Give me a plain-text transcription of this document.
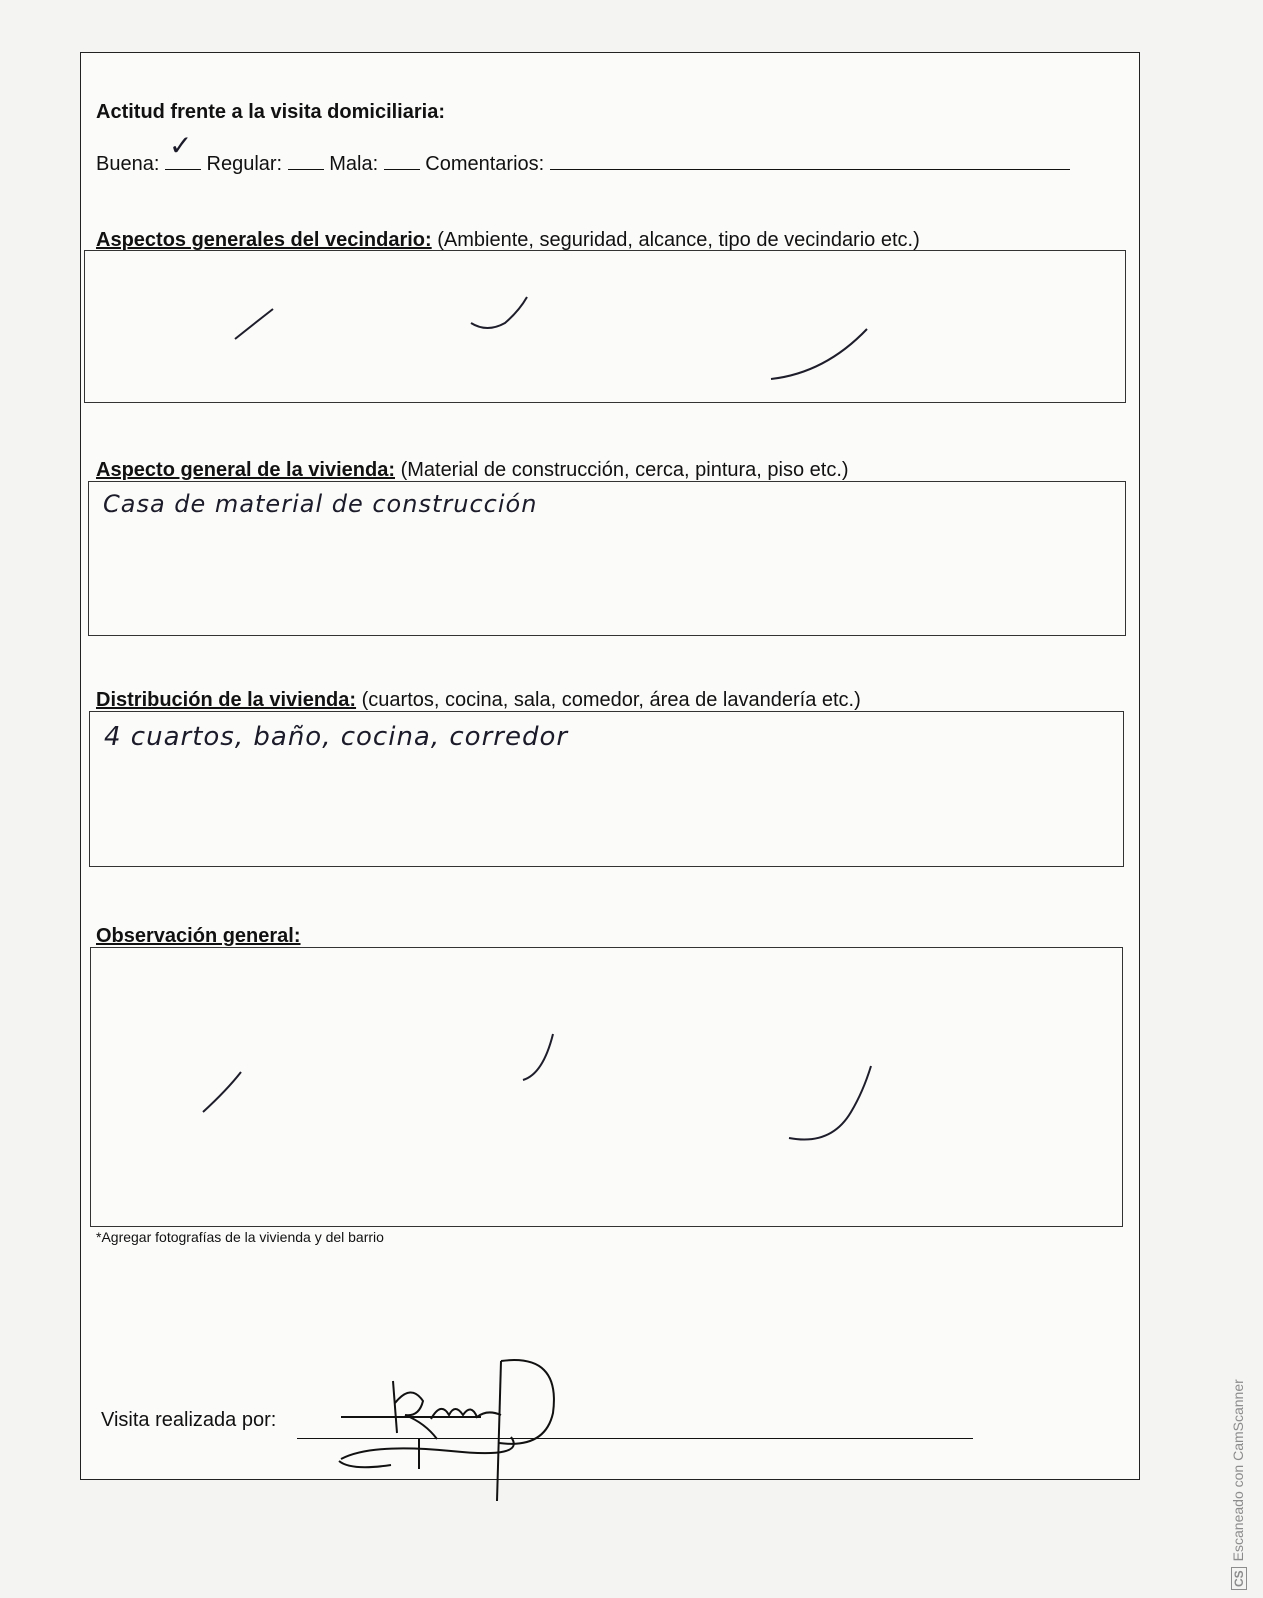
Actitud frente a la visita domiciliaria:
Buena:
✓
Regular: Mala: Comentarios:
Aspectos generales del vecindario: (Ambiente, seguridad, alcance, tipo de vecindario etc.)
Aspecto general de la vivienda: (Material de construcción, cerca, pintura, piso etc.)
Casa de material de construcción
Distribución de la vivienda: (cuartos, cocina, sala, comedor, área de lavandería etc.)
4 cuartos, baño, cocina, corredor
Observación general:
*Agregar fotografías de la vivienda y del barrio
Visita realizada por:
CSEscaneado con CamScanner
